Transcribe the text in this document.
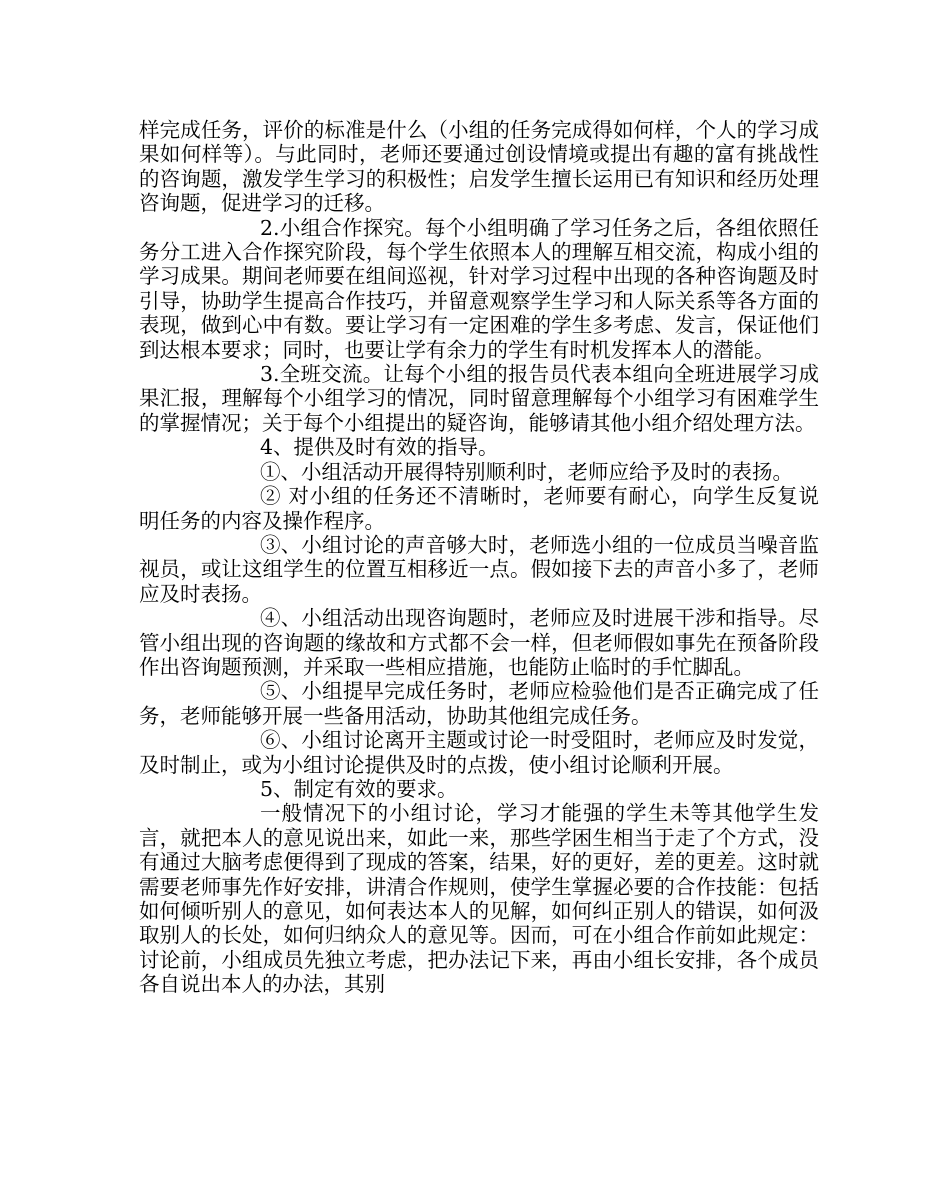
样完成任务，评价的标准是什么（小组的任务完成得如何样，个人的学习成果如何样等）。与此同时，老师还要通过创设情境或提出有趣的富有挑战性的咨询题，激发学生学习的积极性；启发学生擅长运用已有知识和经历处理咨询题，促进学习的迁移。

2.小组合作探究。每个小组明确了学习任务之后，各组依照任务分工进入合作探究阶段，每个学生依照本人的理解互相交流，构成小组的学习成果。期间老师要在组间巡视，针对学习过程中出现的各种咨询题及时引导，协助学生提高合作技巧，并留意观察学生学习和人际关系等各方面的表现，做到心中有数。要让学习有一定困难的学生多考虑、发言，保证他们到达根本要求；同时，也要让学有余力的学生有时机发挥本人的潜能。

3.全班交流。让每个小组的报告员代表本组向全班进展学习成果汇报，理解每个小组学习的情况，同时留意理解每个小组学习有困难学生的掌握情况；关于每个小组提出的疑咨询，能够请其他小组介绍处理方法。

4、提供及时有效的指导。

①、小组活动开展得特别顺利时，老师应给予及时的表扬。

② 对小组的任务还不清晰时，老师要有耐心，向学生反复说明任务的内容及操作程序。

③、小组讨论的声音够大时，老师选小组的一位成员当噪音监视员，或让这组学生的位置互相移近一点。假如接下去的声音小多了，老师应及时表扬。

④、小组活动出现咨询题时，老师应及时进展干涉和指导。尽管小组出现的咨询题的缘故和方式都不会一样，但老师假如事先在预备阶段作出咨询题预测，并采取一些相应措施，也能防止临时的手忙脚乱。

⑤、小组提早完成任务时，老师应检验他们是否正确完成了任务，老师能够开展一些备用活动，协助其他组完成任务。

⑥、小组讨论离开主题或讨论一时受阻时，老师应及时发觉，及时制止，或为小组讨论提供及时的点拨，使小组讨论顺利开展。

5、制定有效的要求。

一般情况下的小组讨论，学习才能强的学生未等其他学生发言，就把本人的意见说出来，如此一来，那些学困生相当于走了个方式，没有通过大脑考虑便得到了现成的答案，结果，好的更好，差的更差。这时就需要老师事先作好安排，讲清合作规则，使学生掌握必要的合作技能：包括如何倾听别人的意见，如何表达本人的见解，如何纠正别人的错误，如何汲取别人的长处，如何归纳众人的意见等。因而，可在小组合作前如此规定：讨论前，小组成员先独立考虑，把办法记下来，再由小组长安排，各个成员各自说出本人的办法，其别
